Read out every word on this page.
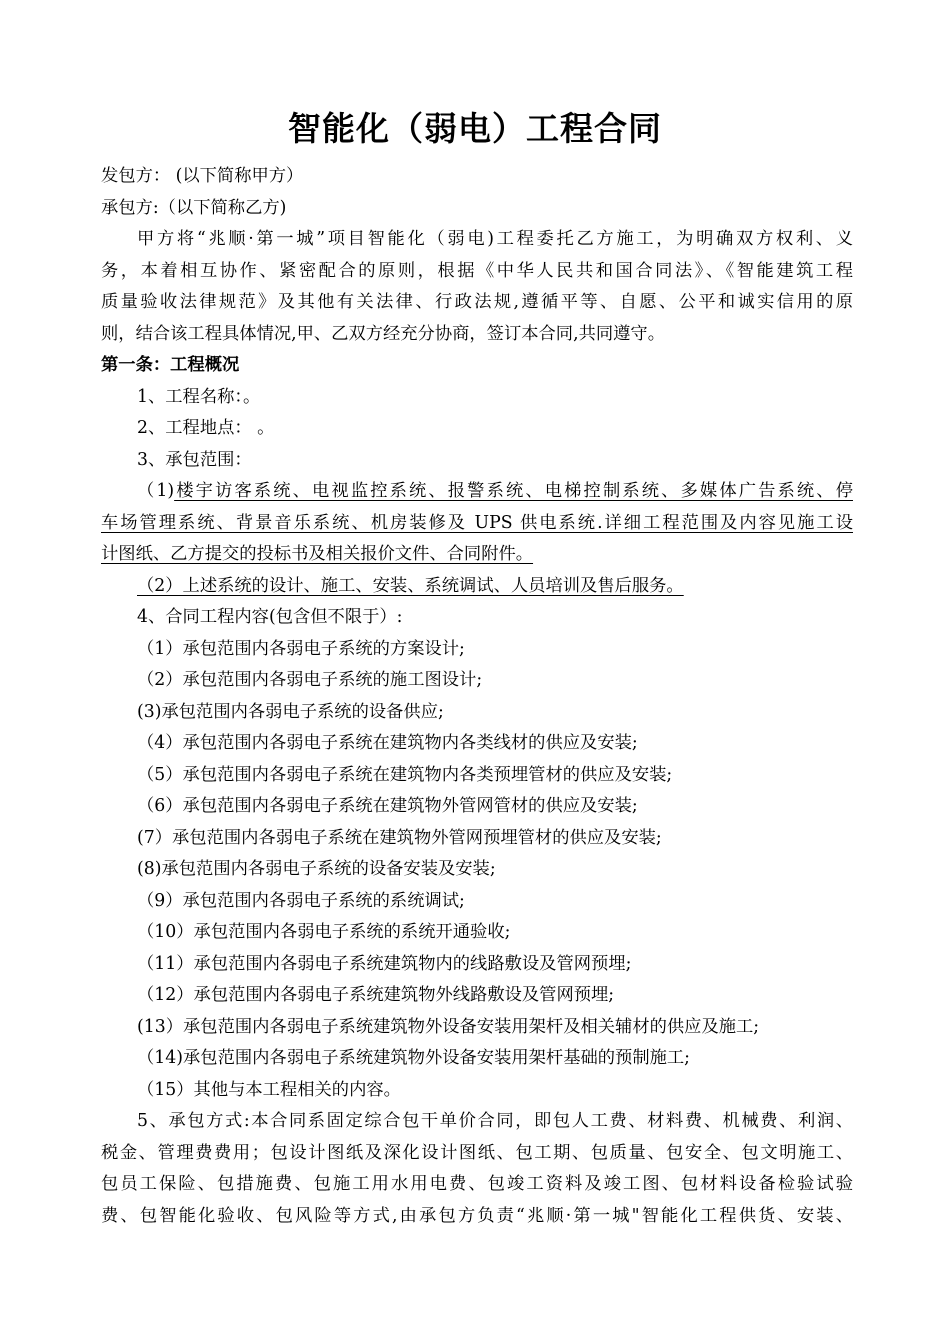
智能化（弱电）工程合同
发包方： (以下简称甲方）
承包方:（以下简称乙方)
甲方将“兆顺·第一城”项目智能化（弱电)工程委托乙方施工，为明确双方权利、义
务，本着相互协作、紧密配合的原则，根据《中华人民共和国合同法》、《智能建筑工程
质量验收法律规范》及其他有关法律、行政法规,遵循平等、自愿、公平和诚实信用的原
则，结合该工程具体情况,甲、乙双方经充分协商，签订本合同,共同遵守。
第一条：工程概况
1、工程名称：。
2、工程地点： 。
3、承包范围：
（1)楼宇访客系统、电视监控系统、报警系统、电梯控制系统、多媒体广告系统、停
车场管理系统、背景音乐系统、机房装修及 UPS 供电系统.详细工程范围及内容见施工设
计图纸、乙方提交的投标书及相关报价文件、合同附件。
（2）上述系统的设计、施工、安装、系统调试、人员培训及售后服务。
4、合同工程内容(包含但不限于）:
（1）承包范围内各弱电子系统的方案设计;
（2）承包范围内各弱电子系统的施工图设计;
(3)承包范围内各弱电子系统的设备供应;
（4）承包范围内各弱电子系统在建筑物内各类线材的供应及安装;
（5）承包范围内各弱电子系统在建筑物内各类预埋管材的供应及安装;
（6）承包范围内各弱电子系统在建筑物外管网管材的供应及安装;
(7）承包范围内各弱电子系统在建筑物外管网预埋管材的供应及安装;
(8)承包范围内各弱电子系统的设备安装及安装;
（9）承包范围内各弱电子系统的系统调试;
（10）承包范围内各弱电子系统的系统开通验收;
（11）承包范围内各弱电子系统建筑物内的线路敷设及管网预埋;
（12）承包范围内各弱电子系统建筑物外线路敷设及管网预埋;
(13）承包范围内各弱电子系统建筑物外设备安装用架杆及相关辅材的供应及施工;
（14)承包范围内各弱电子系统建筑物外设备安装用架杆基础的预制施工;
（15）其他与本工程相关的内容。
5、承包方式:本合同系固定综合包干单价合同，即包人工费、材料费、机械费、利润、
税金、管理费费用；包设计图纸及深化设计图纸、包工期、包质量、包安全、包文明施工、
包员工保险、包措施费、包施工用水用电费、包竣工资料及竣工图、包材料设备检验试验
费、包智能化验收、包风险等方式,由承包方负责“兆顺·第一城"智能化工程供货、安装、
